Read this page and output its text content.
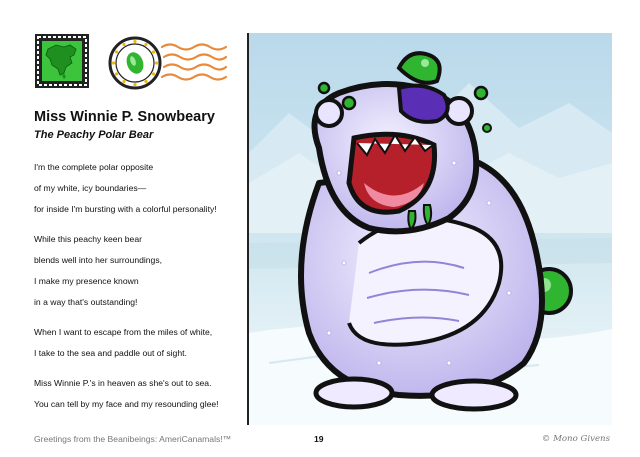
Miss Winnie P. Snowbeary
The Peachy Polar Bear
I'm the complete polar opposite
of my white, icy boundaries—
for inside I'm bursting with a colorful personality!
While this peachy keen bear
blends well into her surroundings,
I make my presence known
in a way that's outstanding!
When I want to escape from the miles of white,
I take to the sea and paddle out of sight.
Miss Winnie P.'s in heaven as she's out to sea.
You can tell by my face and my resounding glee!
Greetings from the Beanibeings: AmeriCanamals!™	19	© Mono Givens
